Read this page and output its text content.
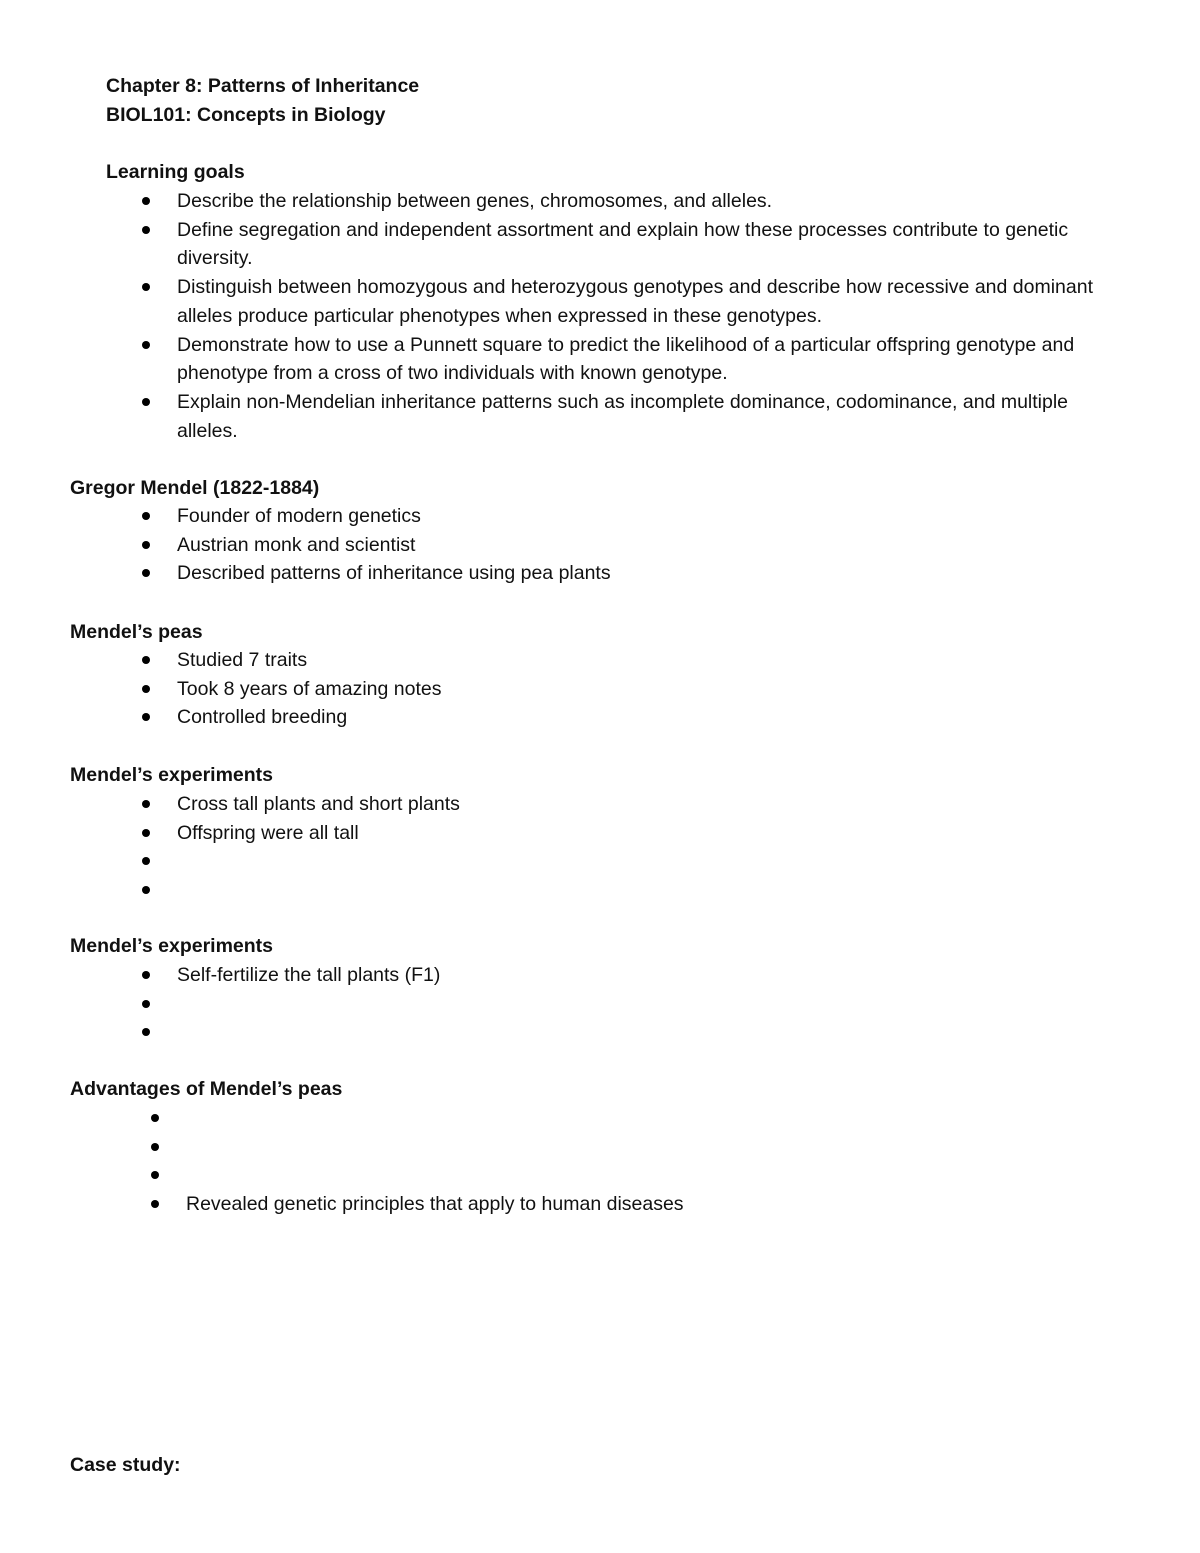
Chapter 8: Patterns of Inheritance
BIOL101: Concepts in Biology
Learning goals
Describe the relationship between genes, chromosomes, and alleles.
Define segregation and independent assortment and explain how these processes contribute to genetic diversity.
Distinguish between homozygous and heterozygous genotypes and describe how recessive and dominant alleles produce particular phenotypes when expressed in these genotypes.
Demonstrate how to use a Punnett square to predict the likelihood of a particular offspring genotype and phenotype from a cross of two individuals with known genotype.
Explain non-Mendelian inheritance patterns such as incomplete dominance, codominance, and multiple alleles.
Gregor Mendel (1822-1884)
Founder of modern genetics
Austrian monk and scientist
Described patterns of inheritance using pea plants
Mendel’s peas
Studied 7 traits
Took 8 years of amazing notes
Controlled breeding
Mendel’s experiments
Cross tall plants and short plants
Offspring were all tall
Mendel’s experiments
Self-fertilize the tall plants (F1)
Advantages of Mendel’s peas
Revealed genetic principles that apply to human diseases
Case study:
